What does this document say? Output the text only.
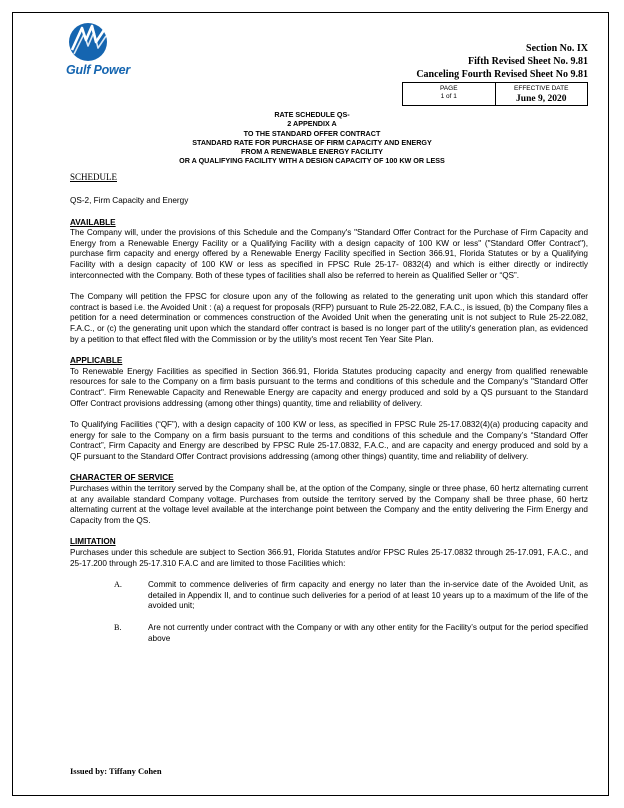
Gulf Power
Section No. IX
Fifth Revised Sheet No. 9.81
Canceling Fourth Revised Sheet No 9.81
PAGE
1 of 1
EFFECTIVE DATE
June 9, 2020
RATE SCHEDULE QS-
2 APPENDIX A
TO THE STANDARD OFFER CONTRACT
STANDARD RATE FOR PURCHASE OF FIRM CAPACITY AND ENERGY
FROM A RENEWABLE ENERGY FACILITY
OR A QUALIFYING FACILITY WITH A DESIGN CAPACITY OF 100 KW OR LESS
SCHEDULE

QS-2, Firm Capacity and Energy

AVAILABLE

The Company will, under the provisions of this Schedule and the Company's "Standard Offer Contract for the Purchase of Firm Capacity and Energy from a Renewable Energy Facility or a Qualifying Facility with a design capacity of 100 KW or less" ("Standard Offer Contract"), purchase firm capacity and energy offered by a Renewable Energy Facility specified in Section 366.91, Florida Statutes or by a Qualifying Facility with a design capacity of 100 KW or less as specified in FPSC Rule 25-17- 0832(4) and which is either directly or indirectly interconnected with the Company. Both of these types of facilities shall also be referred to herein as Qualified Seller or “QS”.

The Company will petition the FPSC for closure upon any of the following as related to the generating unit upon which this standard offer contract is based i.e. the Avoided Unit : (a) a request for proposals (RFP) pursuant to Rule 25-22.082, F.A.C., is issued, (b) the Company files a petition for a need determination or commences construction of the Avoided Unit when the generating unit is not subject to Rule 25-22.082, F.A.C., or (c) the generating unit upon which the standard offer contract is based is no longer part of the utility's generation plan, as evidenced by a petition to that effect filed with the Commission or by the utility's most recent Ten Year Site Plan.

APPLICABLE

To Renewable Energy Facilities as specified in Section 366.91, Florida Statutes producing capacity and energy from qualified renewable resources for sale to the Company on a firm basis pursuant to the terms and conditions of this schedule and the Company's "Standard Offer Contract". Firm Renewable Capacity and Renewable Energy are capacity and energy produced and sold by a QS pursuant to the Standard Offer Contract provisions addressing (among other things) quantity, time and reliability of delivery.

To Qualifying Facilities (“QF”), with a design capacity of 100 KW or less, as specified in FPSC Rule 25-17.0832(4)(a) producing capacity and energy for sale to the Company on a firm basis pursuant to the terms and conditions of this schedule and the Company’s “Standard Offer Contract”, Firm Capacity and Energy are described by FPSC Rule 25-17.0832, F.A.C., and are capacity and energy produced and sold by a QF pursuant to the Standard Offer Contract provisions addressing (among other things) quantity, time and reliability of delivery.

CHARACTER OF SERVICE

Purchases within the territory served by the Company shall be, at the option of the Company, single or three phase, 60 hertz alternating current at any available standard Company voltage. Purchases from outside the territory served by the Company shall be three phase, 60 hertz alternating current at the voltage level available at the interchange point between the Company and the entity delivering the Firm Energy and Capacity from the QS.

LIMITATION

Purchases under this schedule are subject to Section 366.91, Florida Statutes and/or FPSC Rules 25-17.0832 through 25-17.091, F.A.C., and 25-17.200 through 25-17.310 F.A.C and are limited to those Facilities which:

A.	Commit to commence deliveries of firm capacity and energy no later than the in-service date of the Avoided Unit, as detailed in Appendix II, and to continue such deliveries for a period of at least 10 years up to a maximum of the life of the avoided unit;
B.	Are not currently under contract with the Company or with any other entity for the Facility’s output for the period specified above
Issued by: Tiffany Cohen
